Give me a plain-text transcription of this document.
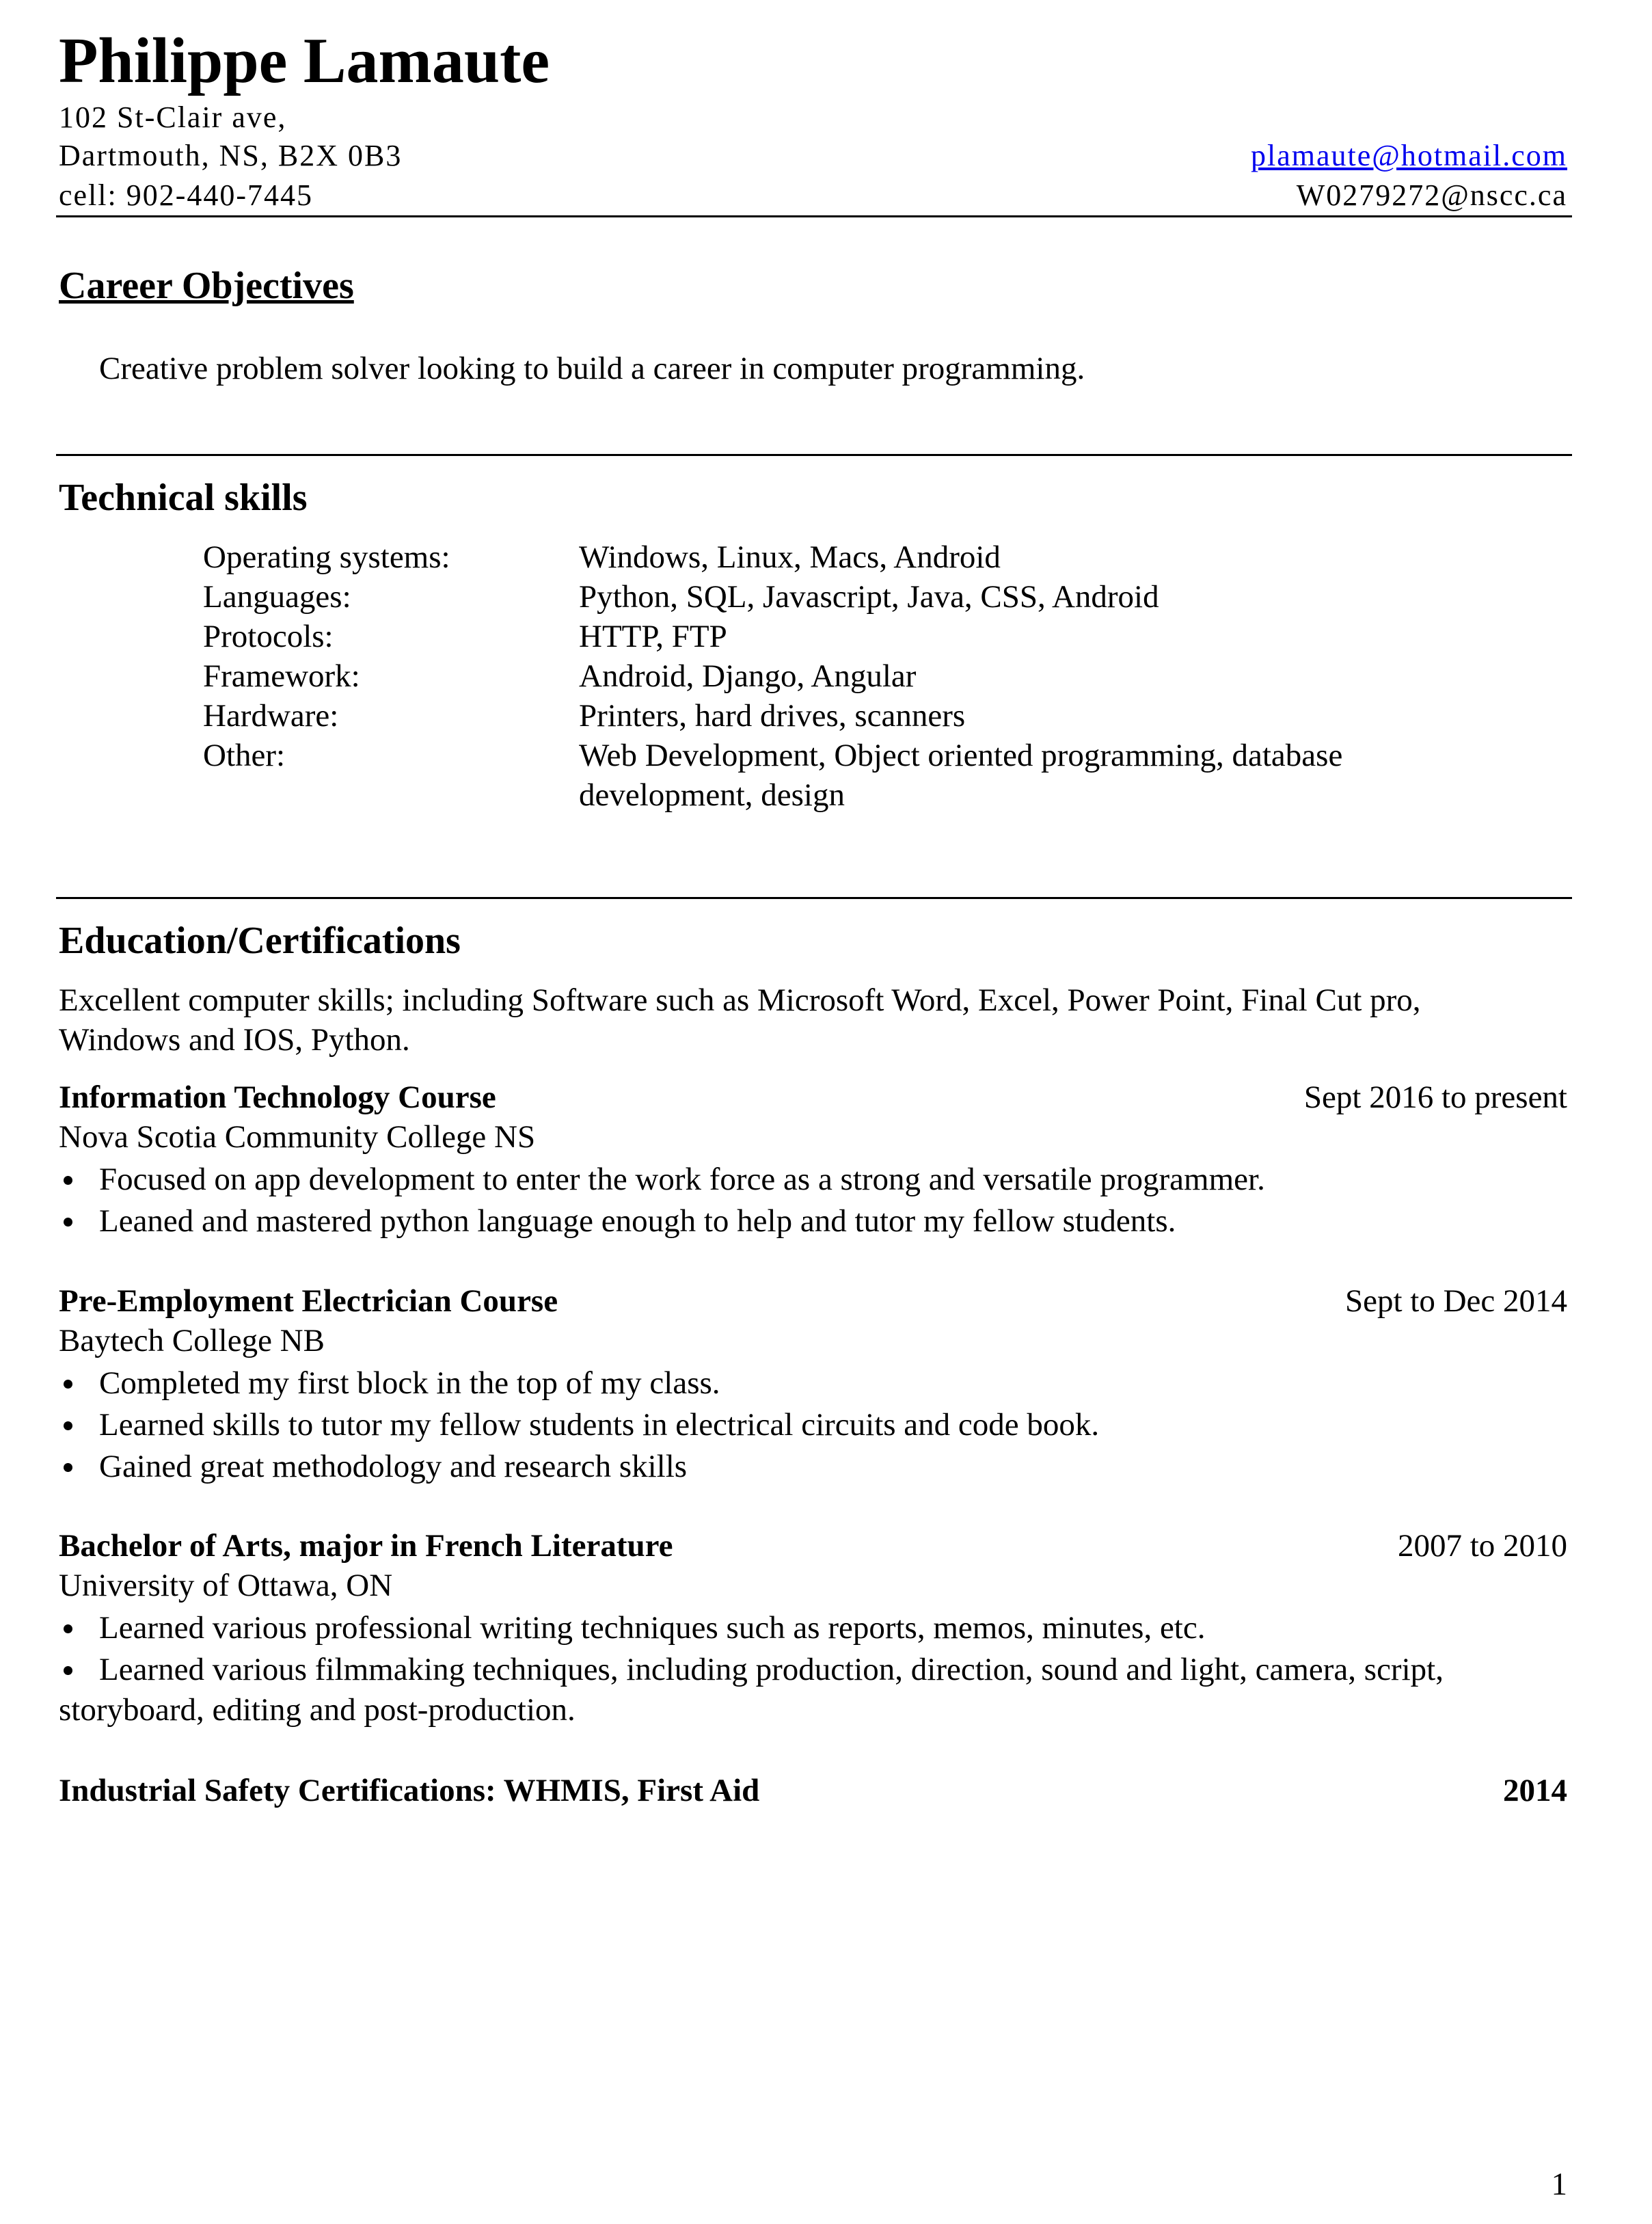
Philippe Lamaute
102 St-Clair ave,
Dartmouth, NS, B2X 0B3
cell: 902-440-7445
plamaute@hotmail.com
W0279272@nscc.ca
Career Objectives
Creative problem solver looking to build a career in computer programming.
Technical skills
Operating systems:	Windows, Linux, Macs, Android
Languages:	Python, SQL, Javascript, Java, CSS, Android
Protocols:	HTTP, FTP
Framework:	Android, Django, Angular
Hardware:	Printers, hard drives, scanners
Other:	Web Development, Object oriented programming, database
development, design
Education/Certifications
Excellent computer skills; including Software such as Microsoft Word, Excel, Power Point, Final Cut pro,
Windows and IOS, Python.
Information Technology Course	Sept 2016 to present
Nova Scotia Community College NS
Focused on app development to enter the work force as a strong and versatile programmer.
Leaned and mastered python language enough to help and tutor my fellow students.
Pre-Employment Electrician Course	Sept to Dec 2014
Baytech College NB
Completed my first block in the top of my class.
Learned skills to tutor my fellow students in electrical circuits and code book.
Gained great methodology and research skills
Bachelor of Arts, major in French Literature	2007 to 2010
University of Ottawa, ON
Learned various professional writing techniques such as reports, memos, minutes, etc.
Learned various filmmaking techniques, including production, direction, sound and light, camera, script,
storyboard, editing and post-production.
Industrial Safety Certifications: WHMIS, First Aid	2014
1
